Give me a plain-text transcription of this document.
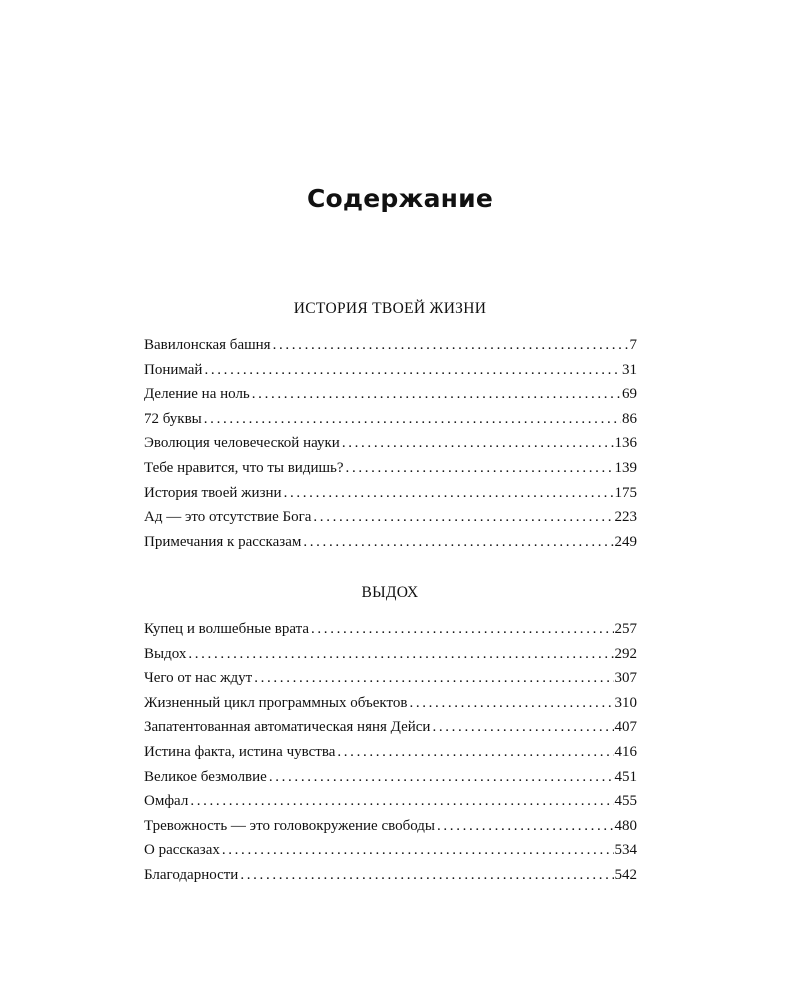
Содержание
ИСТОРИЯ ТВОЕЙ ЖИЗНИ
Вавилонская башня . . .	7
Понимай . . .	31
Деление на ноль . . .	69
72 буквы . . .	86
Эволюция человеческой науки . . .	136
Тебе нравится, что ты видишь? . . .	139
История твоей жизни . . .	175
Ад — это отсутствие Бога . . .	223
Примечания к рассказам . . .	249
ВЫДОХ
Купец и волшебные врата . . .	257
Выдох . . .	292
Чего от нас ждут . . .	307
Жизненный цикл программных объектов . . .	310
Запатентованная автоматическая няня Дейси . . .	407
Истина факта, истина чувства . . .	416
Великое безмолвие . . .	451
Омфал . . .	455
Тревожность — это головокружение свободы . . .	480
О рассказах . . .	534
Благодарности . . .	542
